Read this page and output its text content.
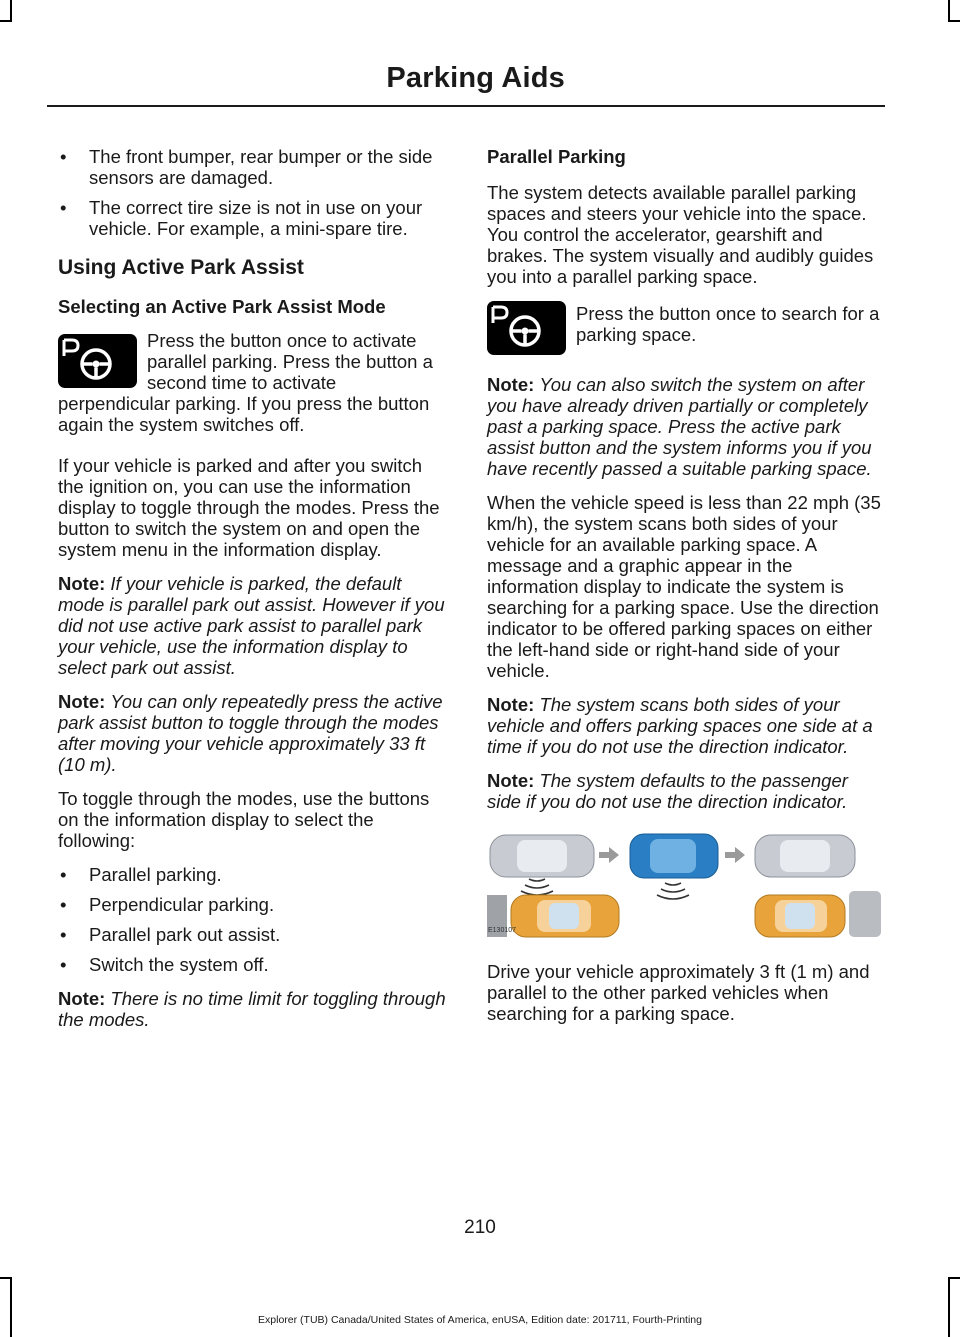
Parking Aids
• The front bumper, rear bumper or the side sensors are damaged.
• The correct tire size is not in use on your vehicle. For example, a mini-spare tire.
Using Active Park Assist
Selecting an Active Park Assist Mode

Press the button once to activate parallel parking. Press the button a second time to activate perpendicular parking. If you press the button again the system switches off.

If your vehicle is parked and after you switch the ignition on, you can use the information display to toggle through the modes. Press the button to switch the system on and open the system menu in the information display.

Note: If your vehicle is parked, the default mode is parallel park out assist. However if you did not use active park assist to parallel park your vehicle, use the information display to select park out assist.

Note: You can only repeatedly press the active park assist button to toggle through the modes after moving your vehicle approximately 33 ft (10 m).

To toggle through the modes, use the buttons on the information display to select the following:

• Parallel parking.
• Perpendicular parking.
• Parallel park out assist.
• Switch the system off.

Note: There is no time limit for toggling through the modes.

Parallel Parking

The system detects available parallel parking spaces and steers your vehicle into the space. You control the accelerator, gearshift and brakes. The system visually and audibly guides you into a parallel parking space.

Press the button once to search for a parking space.

Note: You can also switch the system on after you have already driven partially or completely past a parking space. Press the active park assist button and the system informs you if you have recently passed a suitable parking space.

When the vehicle speed is less than 22 mph (35 km/h), the system scans both sides of your vehicle for an available parking space. A message and a graphic appear in the information display to indicate the system is searching for a parking space. Use the direction indicator to be offered parking spaces on either the left-hand side or right-hand side of your vehicle.

Note: The system scans both sides of your vehicle and offers parking spaces one side at a time if you do not use the direction indicator.

Note: The system defaults to the passenger side if you do not use the direction indicator.

E130107

Drive your vehicle approximately 3 ft (1 m) and parallel to the other parked vehicles when searching for a parking space.

210
Explorer (TUB) Canada/United States of America, enUSA, Edition date: 201711, Fourth-Printing
